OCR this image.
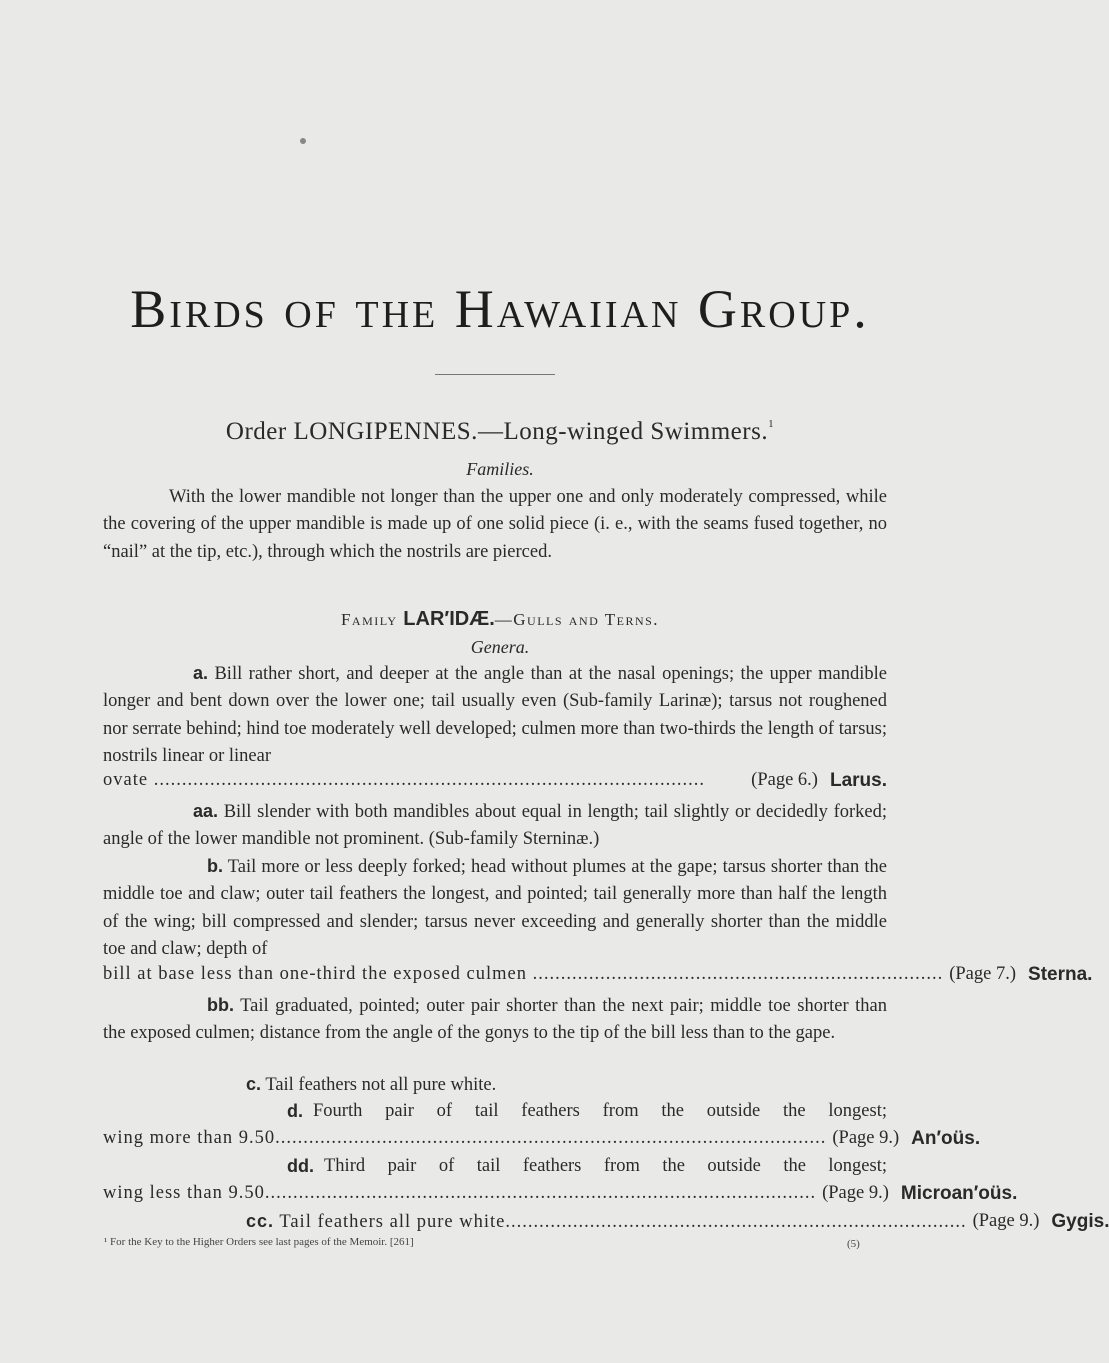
Birds of the Hawaiian Group.
Order LONGIPENNES.—Long-winged Swimmers.$^1$
Families.

With the lower mandible not longer than the upper one and only moderately compressed, while the covering of the upper mandible is made up of one solid piece (i. e., with the seams fused together, no “nail” at the tip, etc.), through which the nostrils are pierced.

Family LAR′IDÆ.—Gulls and Terns.
Genera.

a. Bill rather short, and deeper at the angle than at the nasal openings; the upper mandible longer and bent down over the lower one; tail usually even (Sub-family Larinæ); tarsus not roughened nor serrate behind; hind toe moderately well developed; culmen more than two-thirds the length of tarsus; nostrils linear or linear

ovate ..................................................................................................	(Page 6.) Larus.

aa. Bill slender with both mandibles about equal in length; tail slightly or decidedly forked; angle of the lower mandible not prominent. (Sub-family Sterninæ.)

b. Tail more or less deeply forked; head without plumes at the gape; tarsus shorter than the middle toe and claw; outer tail feathers the longest, and pointed; tail generally more than half the length of the wing; bill compressed and slender; tarsus never exceeding and generally shorter than the middle toe and claw; depth of

bill at base less than one-third the exposed culmen ......................................................................... (Page 7.) Sterna.

bb. Tail graduated, pointed; outer pair shorter than the next pair; middle toe shorter than the exposed culmen; distance from the angle of the gonys to the tip of the bill less than to the gape.

c. Tail feathers not all pure white.
d. Fourth pair of tail feathers from the outside the longest;
wing more than 9.50.................................................................................................. (Page 9.) An′oüs.
dd. Third pair of tail feathers from the outside the longest;
wing less than 9.50.................................................................................................. (Page 9.) Microan′oüs.
cc. Tail feathers all pure white.................................................................................. (Page 9.) Gygis.
¹ For the Key to the Higher Orders see last pages of the Memoir. [261]	(5)
